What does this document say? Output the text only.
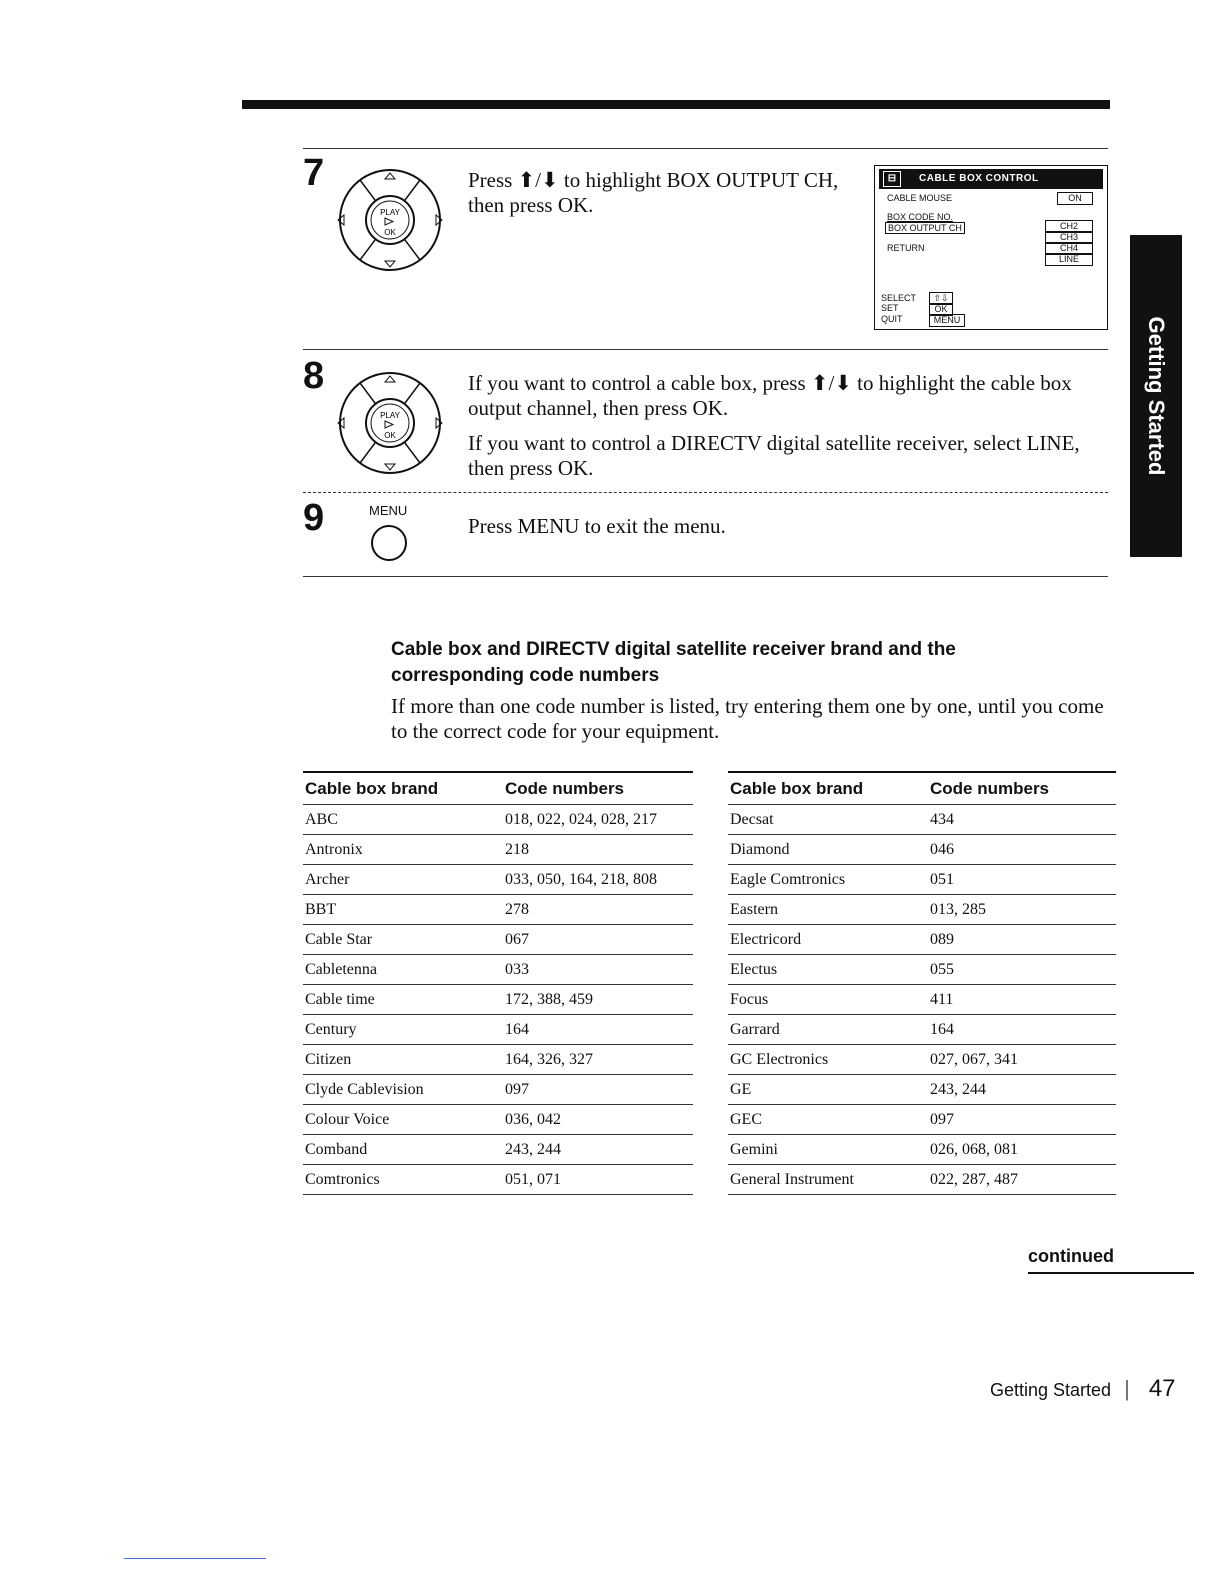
7
PLAY
OK
Press ⬆/⬇ to highlight BOX OUTPUT CH, then press OK.
⊟	CABLE BOX CONTROL
CABLE MOUSE	ON
BOX CODE NO.
BOX OUTPUT CH
RETURN
CH2
CH3
CH4
LINE
SELECT	⇧⇩
SET	OK
QUIT	MENU
8
PLAY
OK
If you want to control a cable box, press ⬆/⬇ to highlight the cable box output channel, then press OK.
If you want to control a DIRECTV digital satellite receiver, select LINE, then press OK.
9	MENU
Press MENU to exit the menu.
Getting Started
Cable box and DIRECTV digital satellite receiver brand and the corresponding code numbers
If more than one code number is listed, try entering them one by one, until you come to the correct code for your equipment.
Cable box brand	Code numbers
ABC	018, 022, 024, 028, 217
Antronix	218
Archer	033, 050, 164, 218, 808
BBT	278
Cable Star	067
Cabletenna	033
Cable time	172, 388, 459
Century	164
Citizen	164, 326, 327
Clyde Cablevision	097
Colour Voice	036, 042
Comband	243, 244
Comtronics	051, 071
Cable box brand	Code numbers
Decsat	434
Diamond	046
Eagle Comtronics	051
Eastern	013, 285
Electricord	089
Electus	055
Focus	411
Garrard	164
GC Electronics	027, 067, 341
GE	243, 244
GEC	097
Gemini	026, 068, 081
General Instrument	022, 287, 487
continued
Getting Started | 47
